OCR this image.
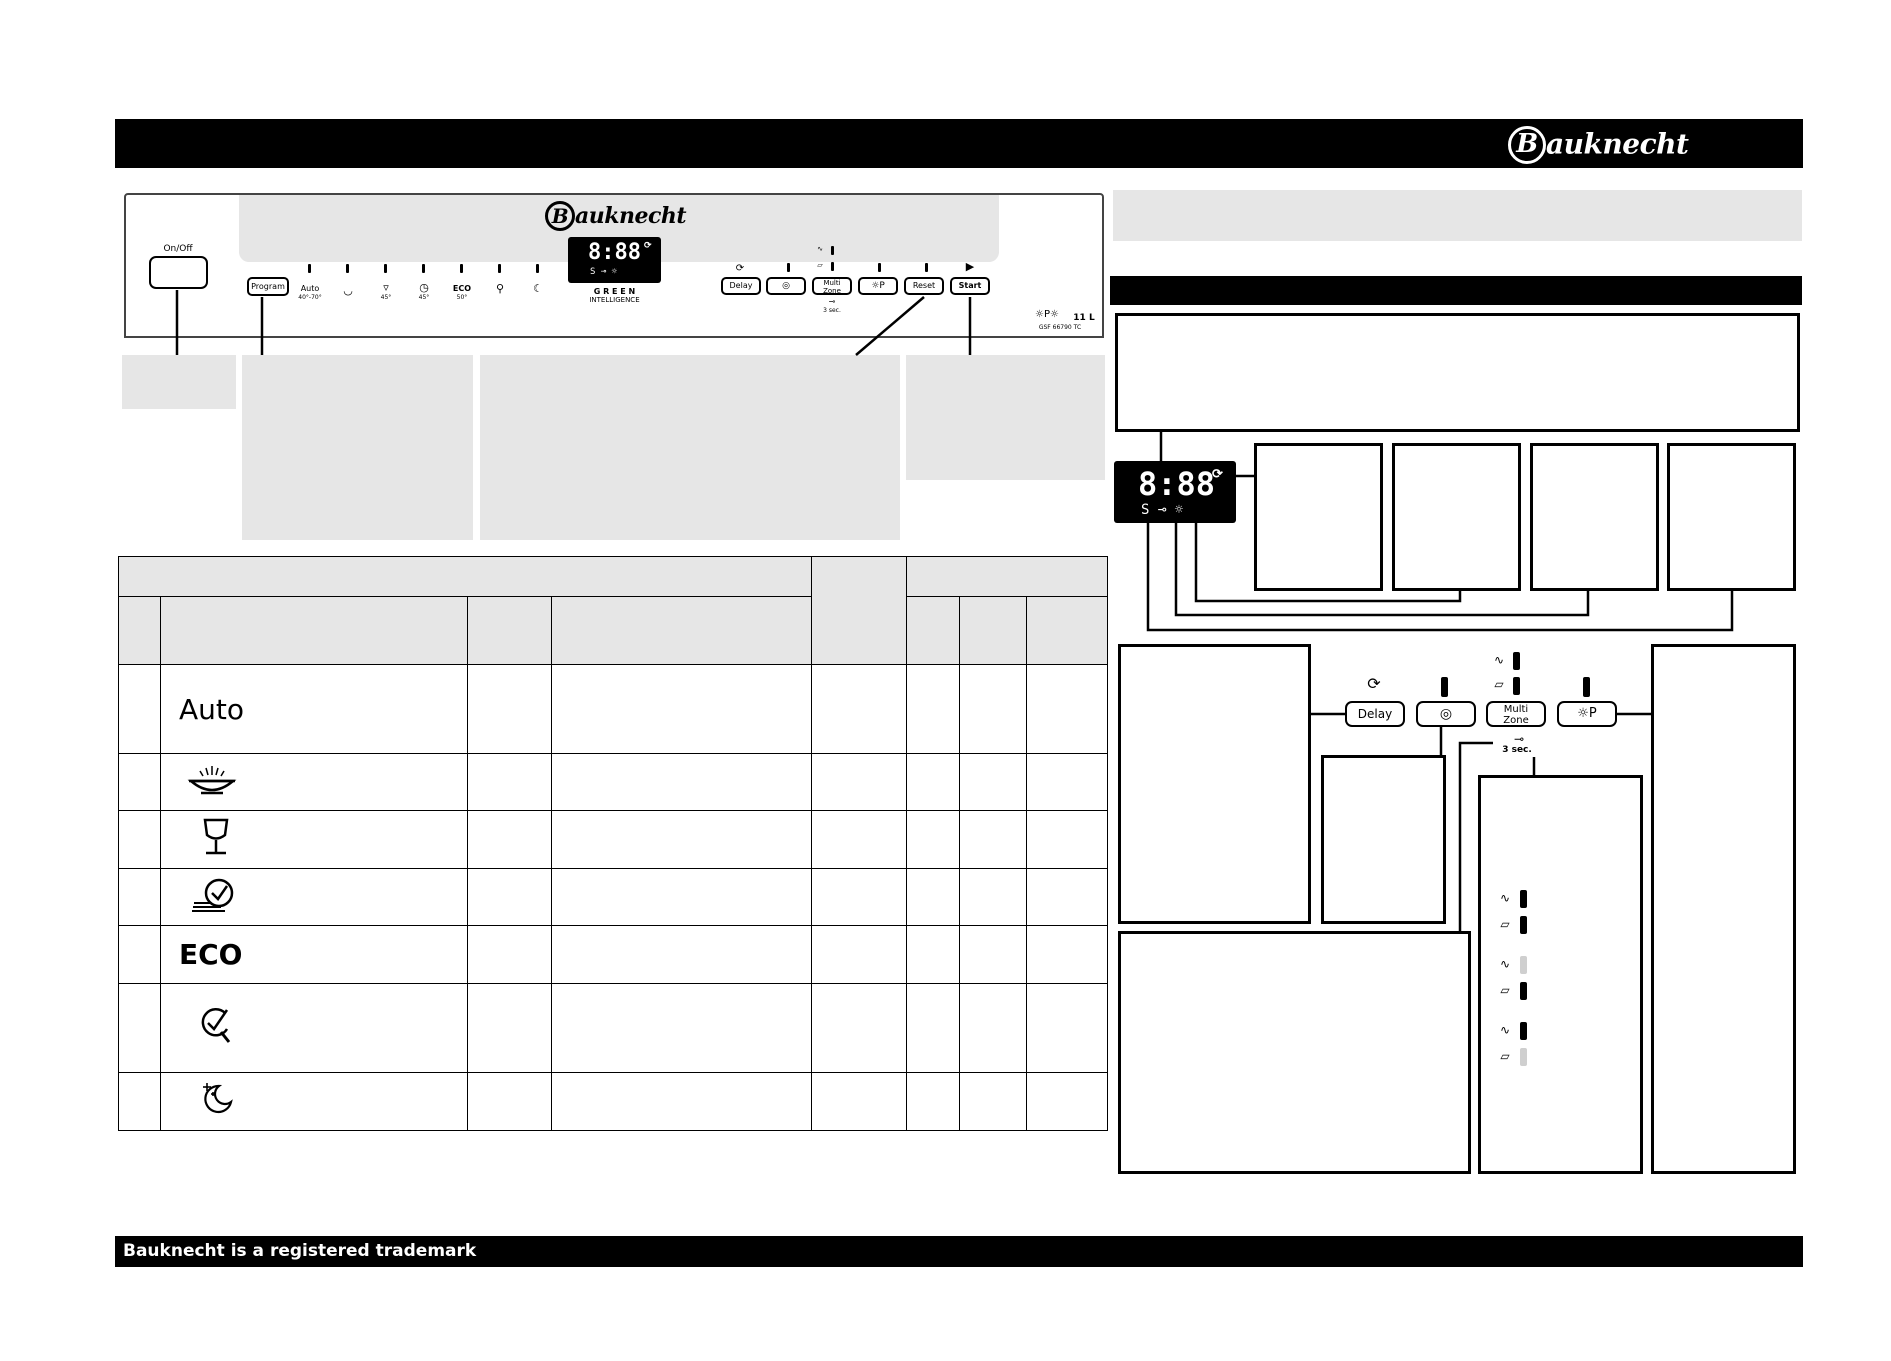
B auknecht
B auknecht
On/Off
Program	Auto
40°-70°
◡	▿
45°
◷
45°
ECO
50°
⚲	☾
8:88
S ⊸ ☼
⟳
G R E E N
INTELLIGENCE
⟳
Delay	◎
∿
▱
Multi
Zone
⊸
3 sec.
☼P	Reset
▶
Start
☼P☼	11 L
GSF 66790 TC

	Auto						

	ECO						

8:88
S ⊸ ☼
⟳
⟳
Delay	◎
∿
▱
Multi
Zone
⊸
3 sec.
☼P
∿
▱
∿
▱
∿
▱
Bauknecht is a registered trademark
